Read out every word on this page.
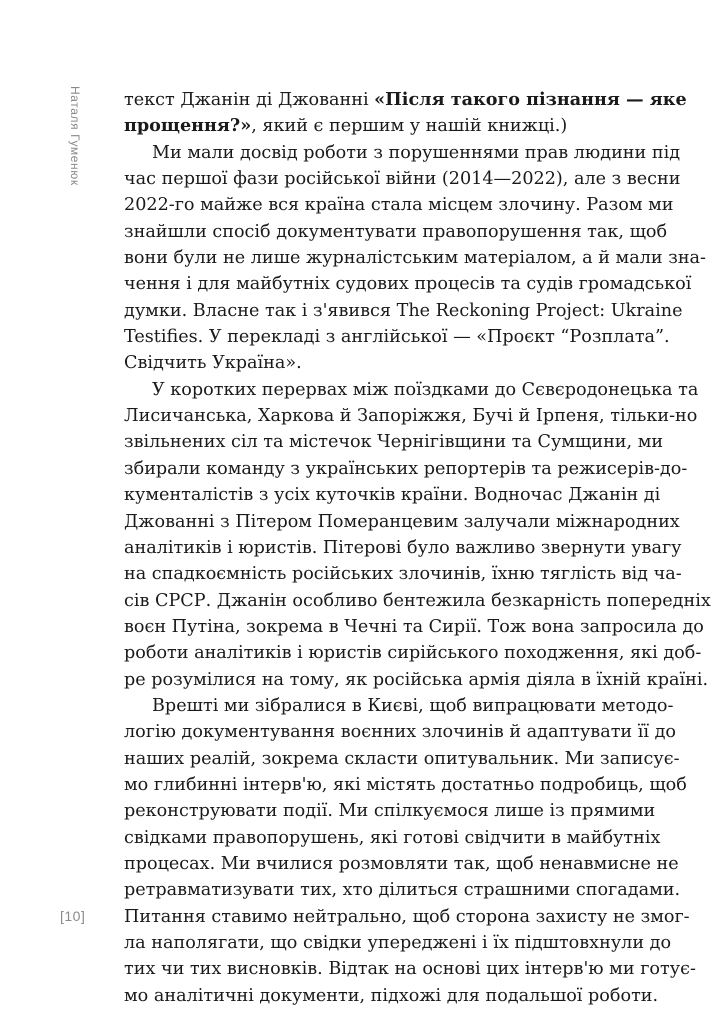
Наталя Гуменюк текст Джанін ді Джованні «Після такого пізнання — яке
прощення?», який є першим у нашій книжці.)
Ми мали досвід роботи з порушеннями прав людини під
час першої фази російської війни (2014—2022), але з весни
2022-го майже вся країна стала місцем злочину. Разом ми
знайшли спосіб документувати правопорушення так, щоб
вони були не лише журналістським матеріалом, а й мали зна-
чення і для майбутніх судових процесів та судів громадської
думки. Власне так і з'явився The Reckoning Project: Ukraine
Testifies. У перекладі з англійської — «Проєкт “Розплата”.
Свідчить Україна».
У коротких перервах між поїздками до Сєвєродонецька та
Лисичанська, Харкова й Запоріжжя, Бучі й Ірпеня, тільки-но
звільнених сіл та містечок Чернігівщини та Сумщини, ми
збирали команду з українських репортерів та режисерів-до-
кументалістів з усіх куточків країни. Водночас Джанін ді
Джованні з Пітером Померанцевим залучали міжнародних
аналітиків і юристів. Пітерові було важливо звернути увагу
на спадкоємність російських злочинів, їхню тяглість від ча-
сів СРСР. Джанін особливо бентежила безкарність попередніх
воєн Путіна, зокрема в Чечні та Сирії. Тож вона запросила до
роботи аналітиків і юристів сирійського походження, які доб-
ре розумілися на тому, як російська армія діяла в їхній країні.
Врешті ми зібралися в Києві, щоб випрацювати методо-
логію документування воєнних злочинів й адаптувати її до
наших реалій, зокрема скласти опитувальник. Ми записує-
мо глибинні інтерв'ю, які містять достатньо подробиць, щоб
реконструювати події. Ми спілкуємося лише із прямими
свідками правопорушень, які готові свідчити в майбутніх
процесах. Ми вчилися розмовляти так, щоб ненавмисне не
ретравматизувати тих, хто ділиться страшними спогадами.
Питання ставимо нейтрально, щоб сторона захисту не змог-
ла наполягати, що свідки упереджені і їх підштовхнули до
тих чи тих висновків. Відтак на основі цих інтерв'ю ми готує-
мо аналітичні документи, підхожі для подальшої роботи.
[10]
